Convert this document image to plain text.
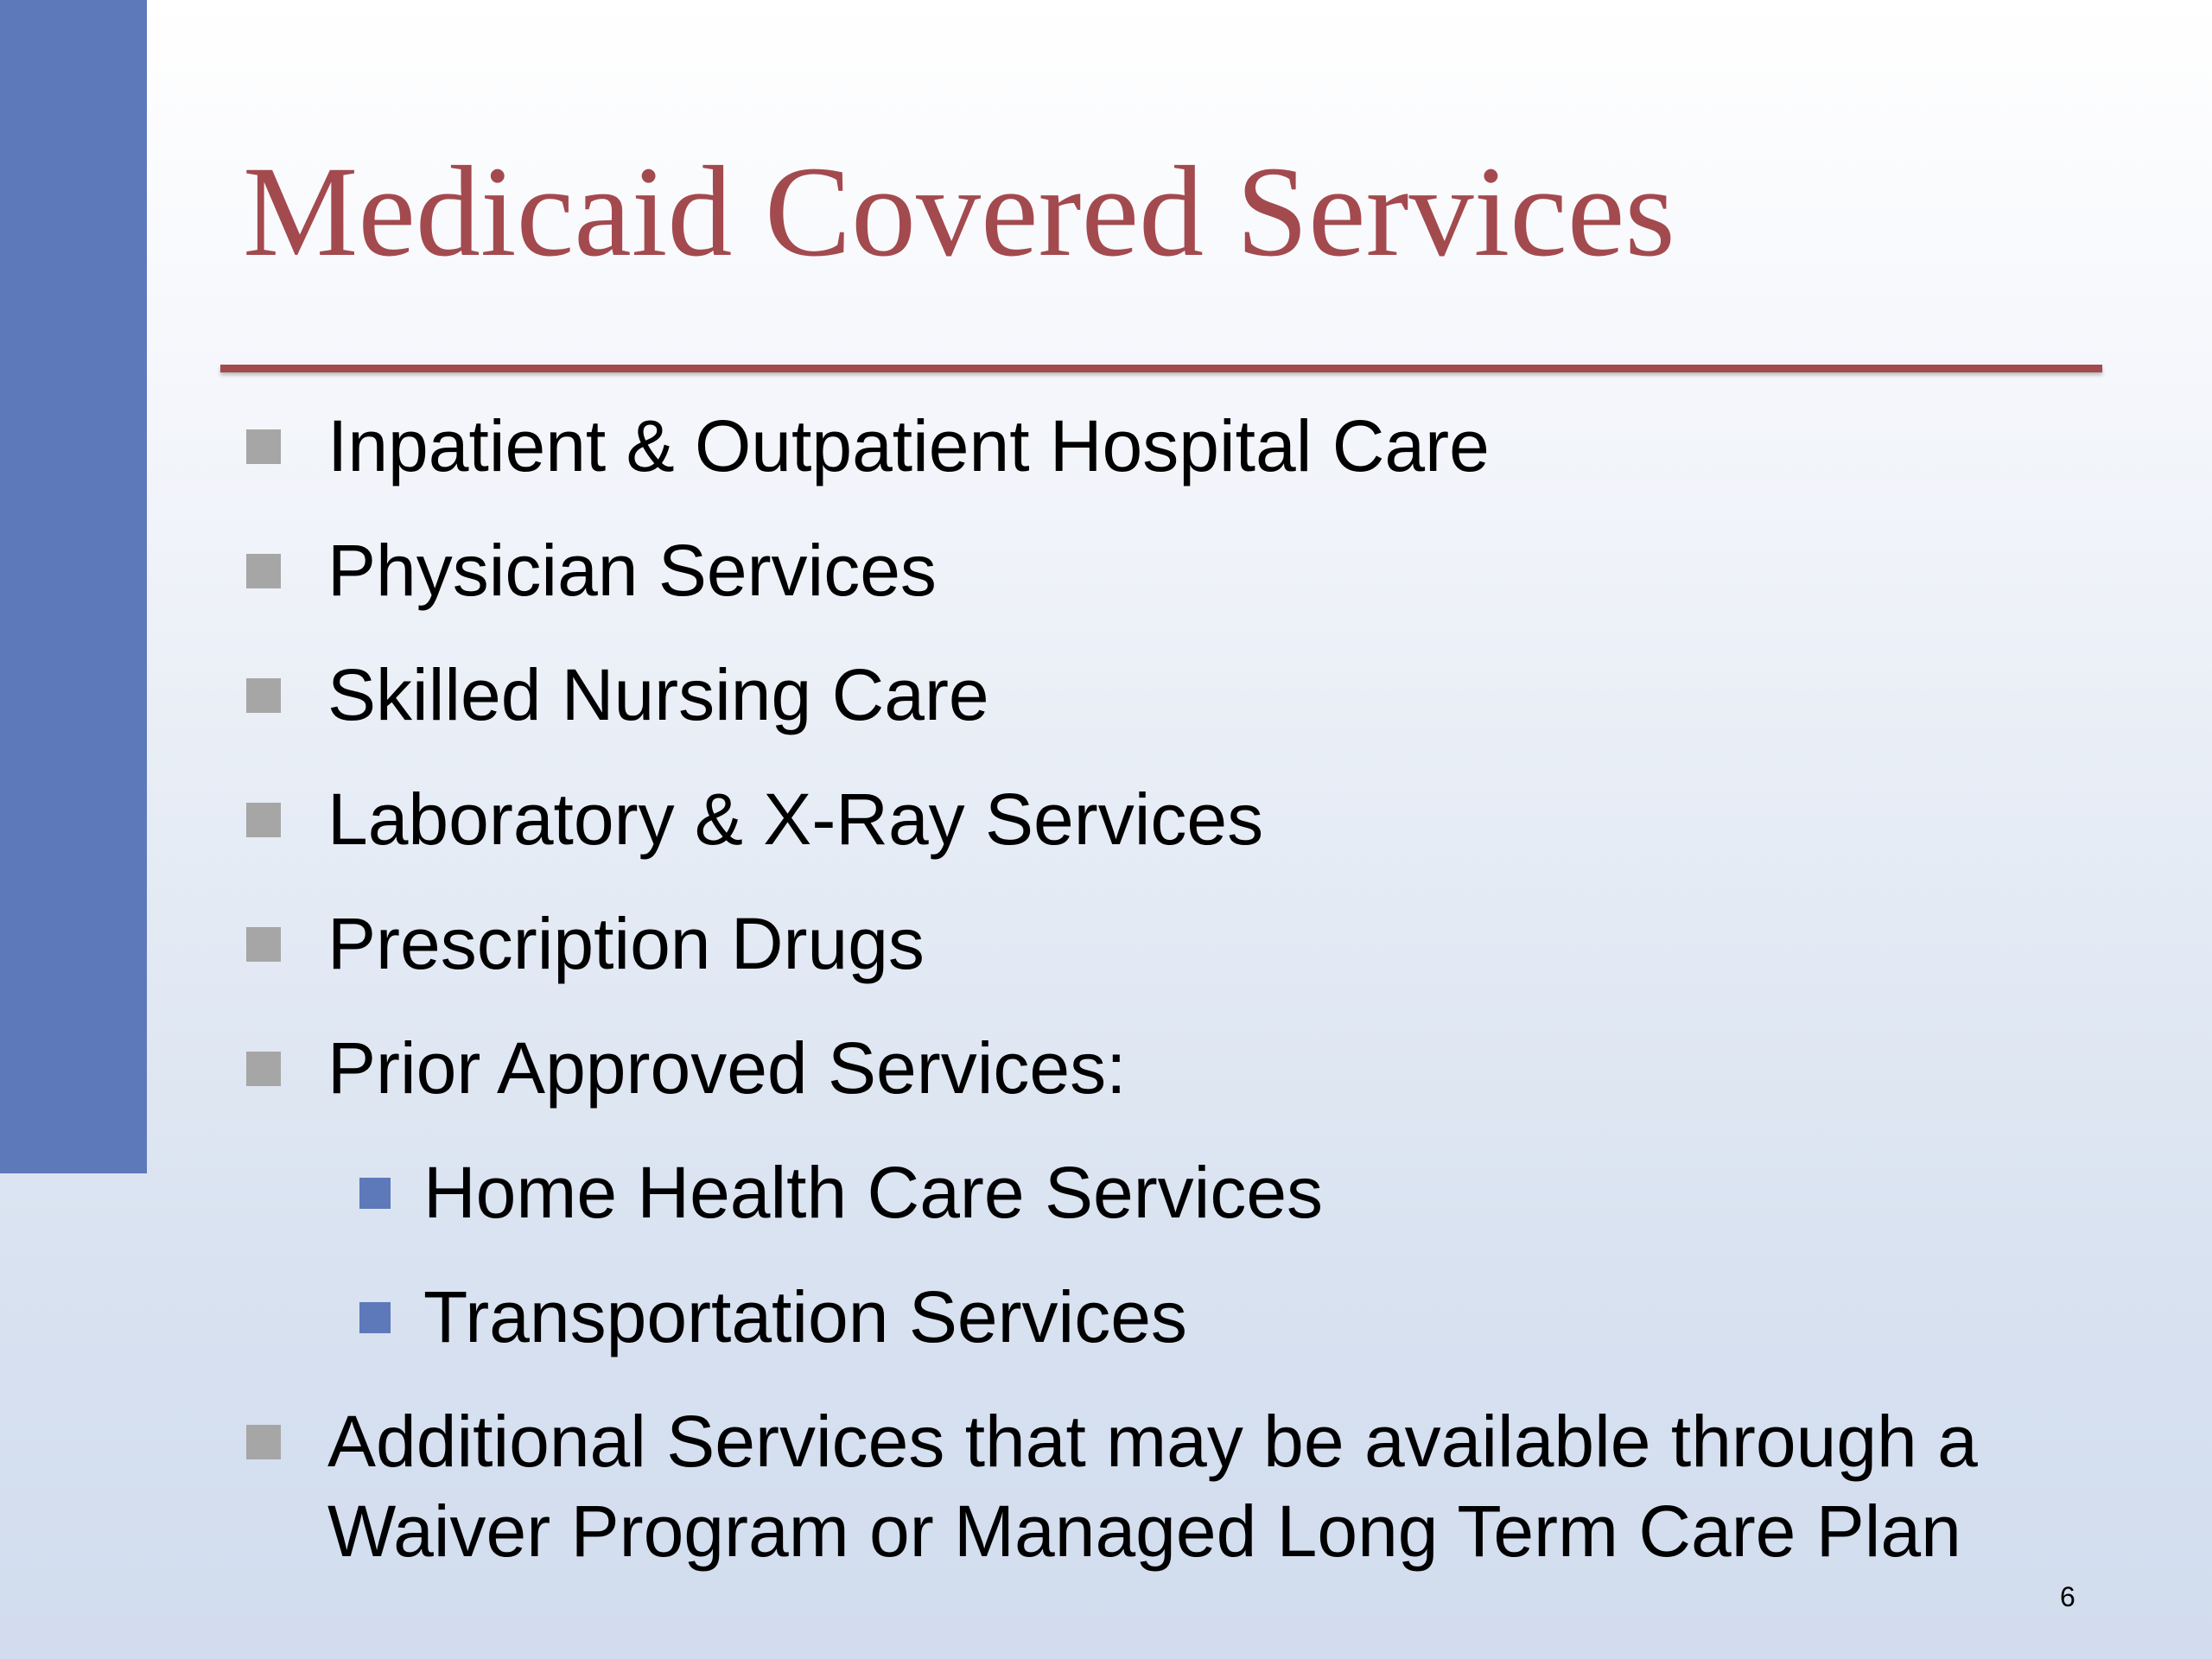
Medicaid Covered Services
Inpatient & Outpatient Hospital Care
Physician Services
Skilled Nursing Care
Laboratory & X-Ray Services
Prescription Drugs
Prior Approved Services:
Home Health Care Services
Transportation Services
Additional Services that may be available through a
Waiver Program or Managed Long Term Care Plan
6
